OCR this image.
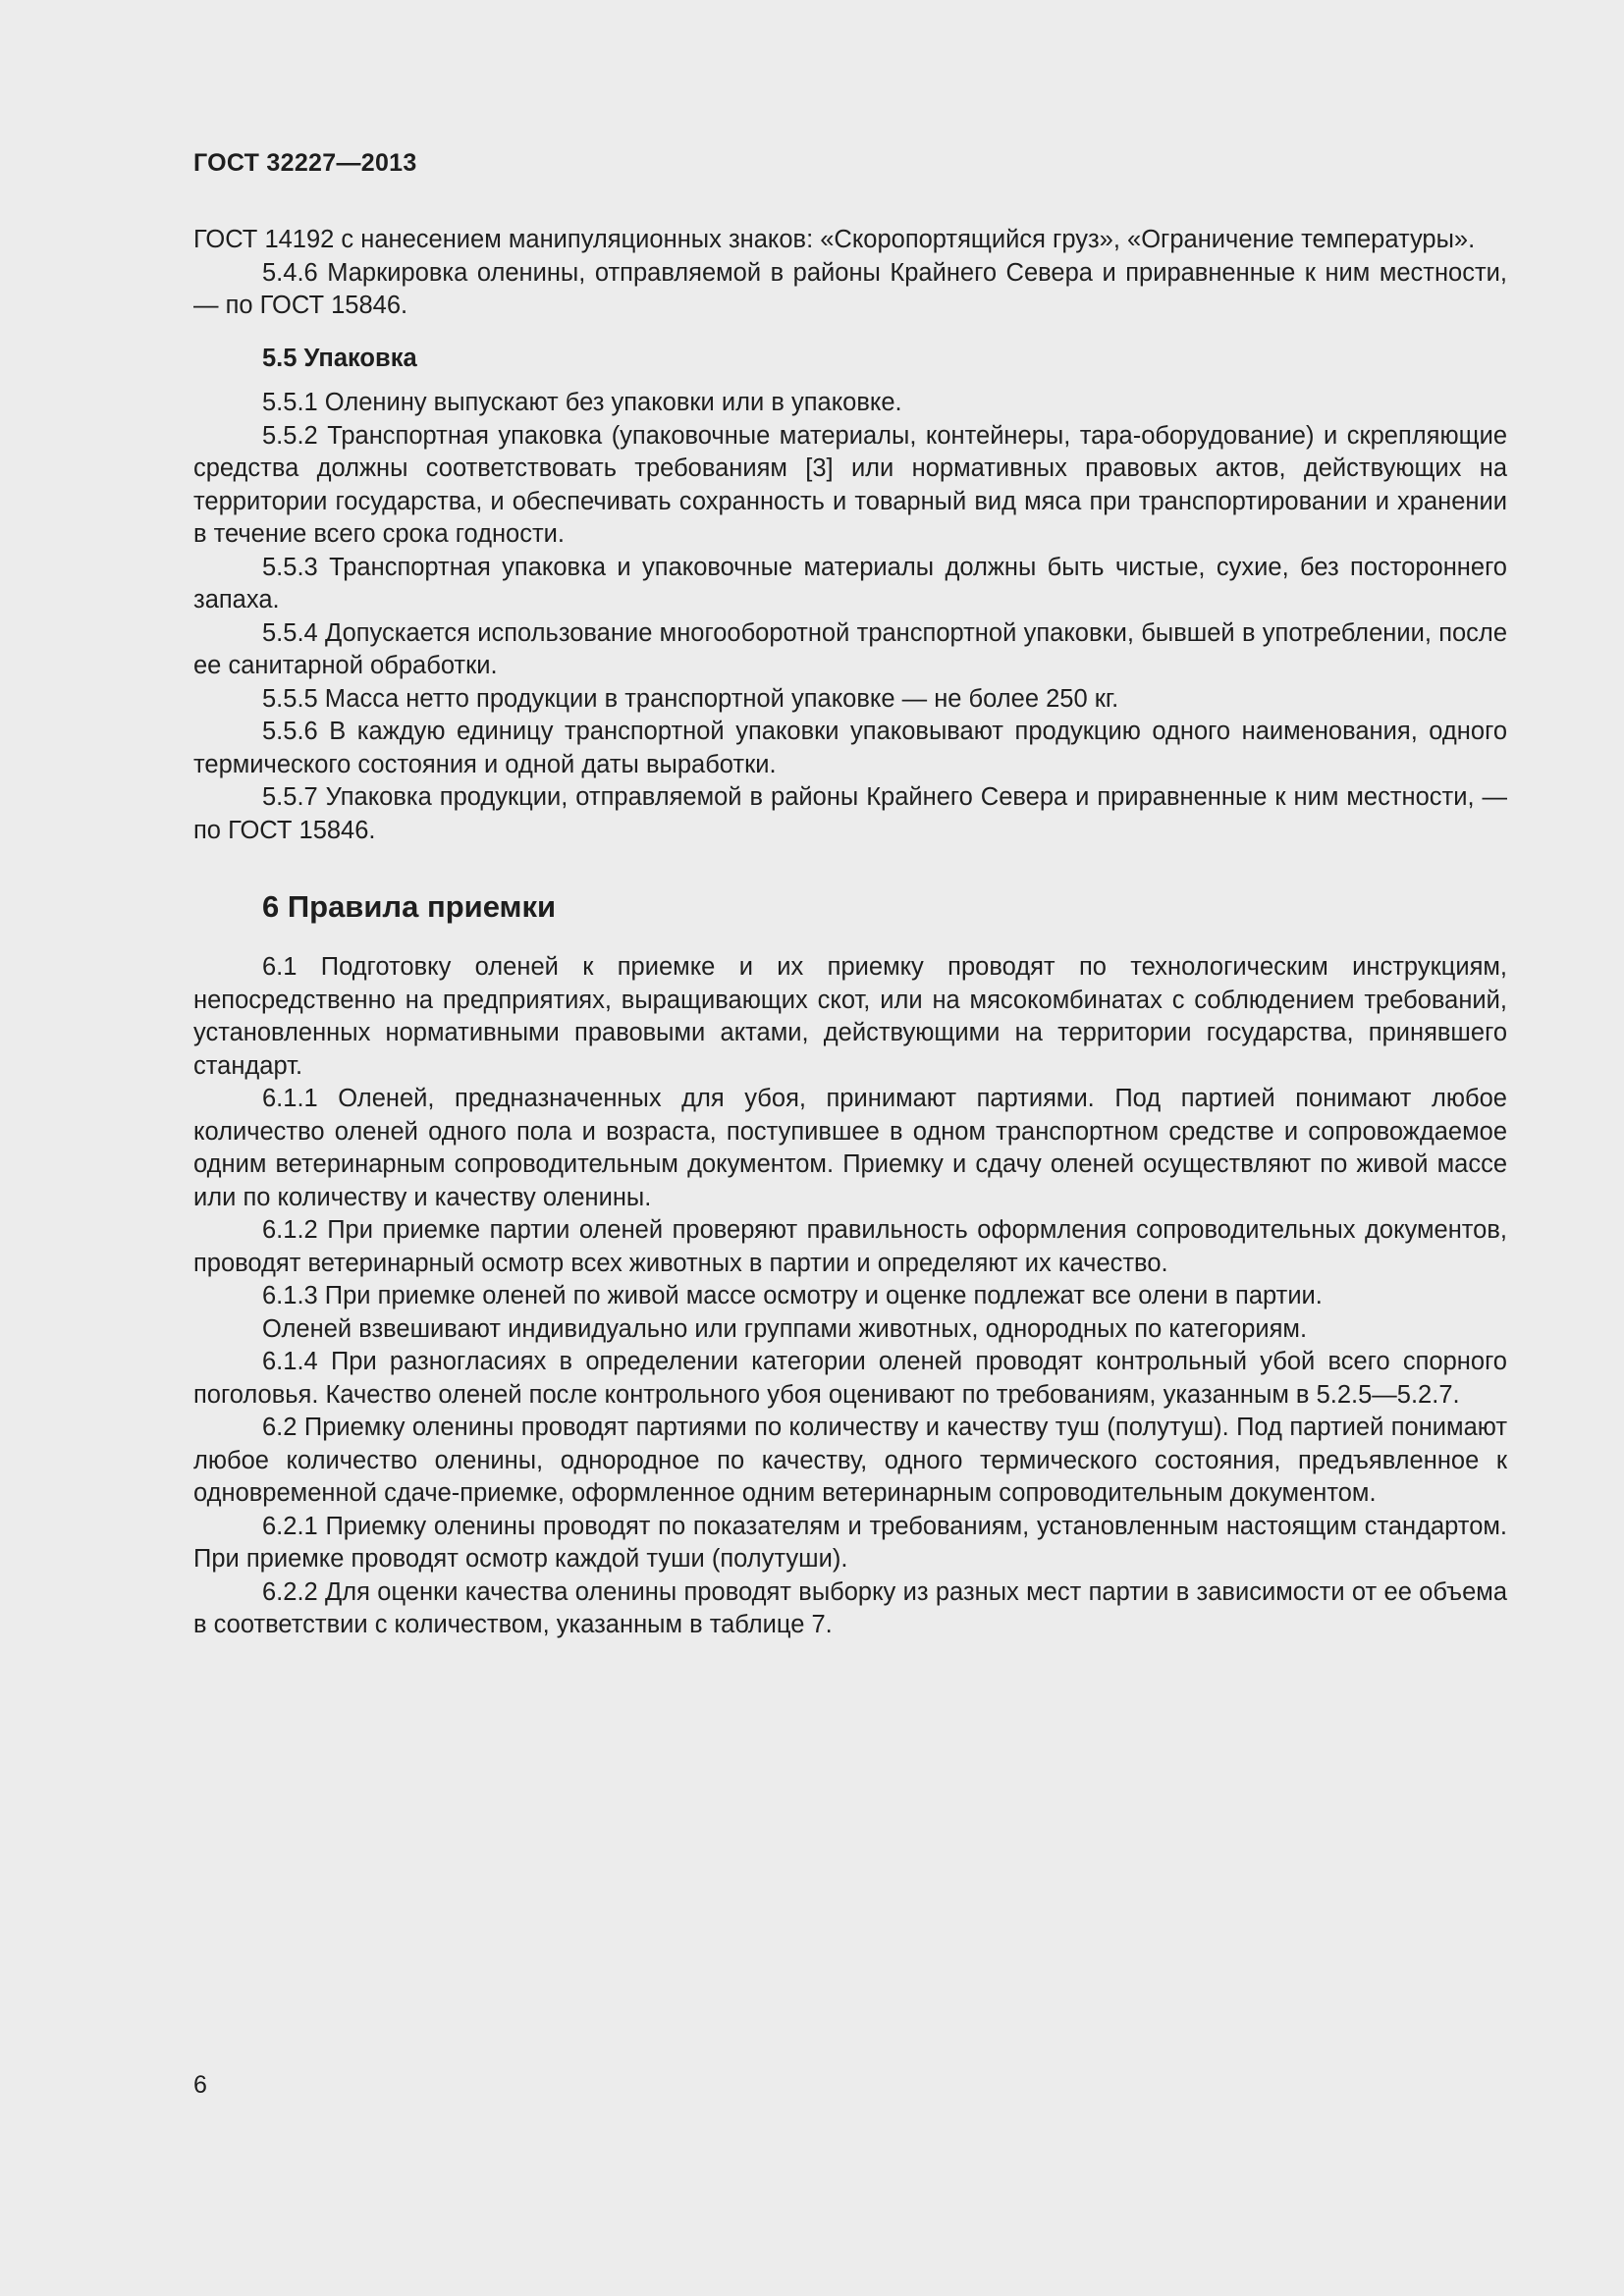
ГОСТ 32227—2013

ГОСТ 14192 с нанесением манипуляционных знаков: «Скоропортящийся груз», «Ограничение температуры».

5.4.6 Маркировка оленины, отправляемой в районы Крайнего Севера и приравненные к ним местности, — по ГОСТ 15846.

5.5 Упаковка

5.5.1 Оленину выпускают без упаковки или в упаковке.

5.5.2 Транспортная упаковка (упаковочные материалы, контейнеры, тара-оборудование) и скрепляющие средства должны соответствовать требованиям [3] или нормативных правовых актов, действующих на территории государства, и обеспечивать сохранность и товарный вид мяса при транспортировании и хранении в течение всего срока годности.

5.5.3 Транспортная упаковка и упаковочные материалы должны быть чистые, сухие, без постороннего запаха.

5.5.4 Допускается использование многооборотной транспортной упаковки, бывшей в употреблении, после ее санитарной обработки.

5.5.5 Масса нетто продукции в транспортной упаковке — не более 250 кг.

5.5.6 В каждую единицу транспортной упаковки упаковывают продукцию одного наименования, одного термического состояния и одной даты выработки.

5.5.7 Упаковка продукции, отправляемой в районы Крайнего Севера и приравненные к ним местности, — по ГОСТ 15846.

6 Правила приемки

6.1 Подготовку оленей к приемке и их приемку проводят по технологическим инструкциям, непосредственно на предприятиях, выращивающих скот, или на мясокомбинатах с соблюдением требований, установленных нормативными правовыми актами, действующими на территории государства, принявшего стандарт.

6.1.1 Оленей, предназначенных для убоя, принимают партиями. Под партией понимают любое количество оленей одного пола и возраста, поступившее в одном транспортном средстве и сопровождаемое одним ветеринарным сопроводительным документом. Приемку и сдачу оленей осуществляют по живой массе или по количеству и качеству оленины.

6.1.2 При приемке партии оленей проверяют правильность оформления сопроводительных документов, проводят ветеринарный осмотр всех животных в партии и определяют их качество.

6.1.3 При приемке оленей по живой массе осмотру и оценке подлежат все олени в партии.

Оленей взвешивают индивидуально или группами животных, однородных по категориям.

6.1.4 При разногласиях в определении категории оленей проводят контрольный убой всего спорного поголовья. Качество оленей после контрольного убоя оценивают по требованиям, указанным в 5.2.5—5.2.7.

6.2 Приемку оленины проводят партиями по количеству и качеству туш (полутуш). Под партией понимают любое количество оленины, однородное по качеству, одного термического состояния, предъявленное к одновременной сдаче-приемке, оформленное одним ветеринарным сопроводительным документом.

6.2.1 Приемку оленины проводят по показателям и требованиям, установленным настоящим стандартом. При приемке проводят осмотр каждой туши (полутуши).

6.2.2 Для оценки качества оленины проводят выборку из разных мест партии в зависимости от ее объема в соответствии с количеством, указанным в таблице 7.

6
